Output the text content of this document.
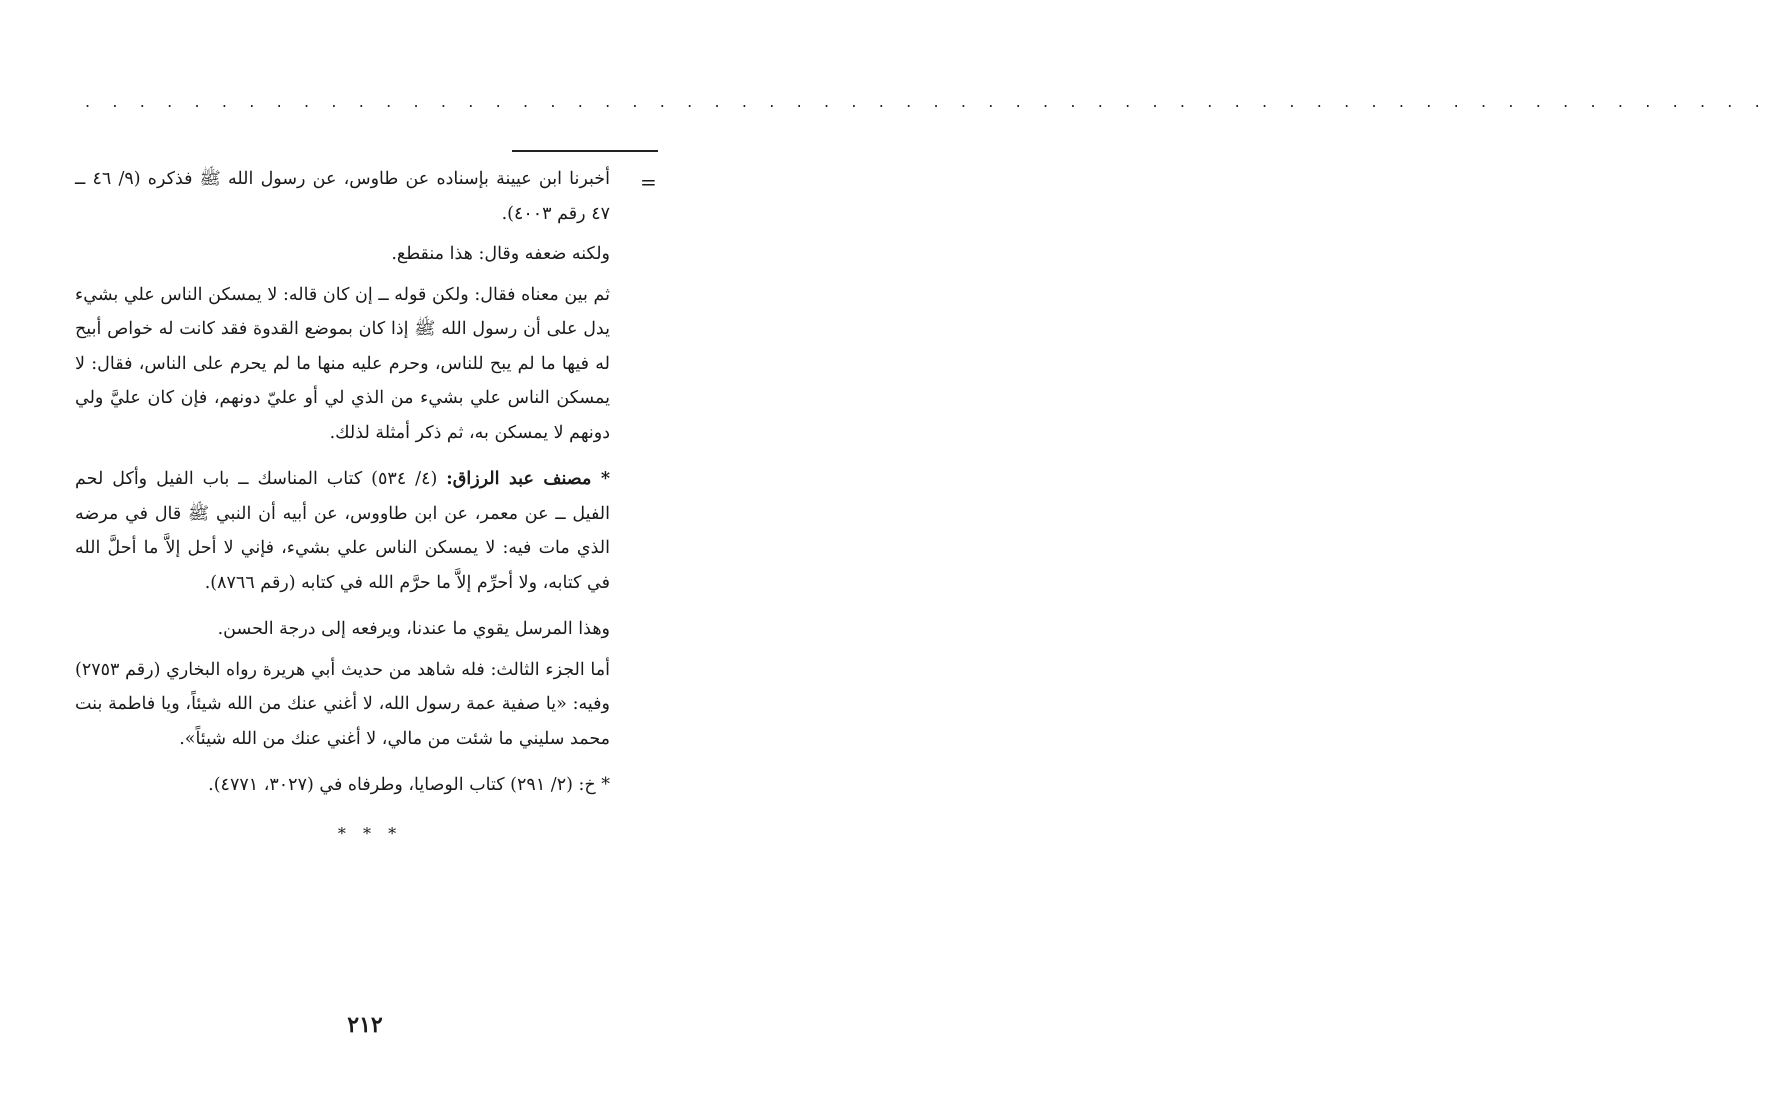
. . . . . . . . . . . . . . . . . . . . . . . . . . . . . . . . . . . . . . . . . . . . . . . . . . . . . . . . . . . . . .
=

أخبرنا ابن عيينة بإسناده عن طاوس، عن رسول الله ﷺ فذكره (٩/ ٤٦ ــ ٤٧ رقم ٤٠٠٣).

ولكنه ضعفه وقال: هذا منقطع.

ثم بين معناه فقال: ولكن قوله ــ إن كان قاله: لا يمسكن الناس علي بشيء يدل على أن رسول الله ﷺ إذا كان بموضع القدوة فقد كانت له خواص أبيح له فيها ما لم يبح للناس، وحرم عليه منها ما لم يحرم على الناس، فقال: لا يمسكن الناس علي بشيء من الذي لي أو عليّ دونهم، فإن كان عليَّ ولي دونهم لا يمسكن به، ثم ذكر أمثلة لذلك.

* مصنف عبد الرزاق: (٤/ ٥٣٤) كتاب المناسك ــ باب الفيل وأكل لحم الفيل ــ عن معمر، عن ابن طاووس، عن أبيه أن النبي ﷺ قال في مرضه الذي مات فيه: لا يمسكن الناس علي بشيء، فإني لا أحل إلاَّ ما أحلَّ الله في كتابه، ولا أحرِّم إلاَّ ما حرَّم الله في كتابه (رقم ٨٧٦٦).

وهذا المرسل يقوي ما عندنا، ويرفعه إلى درجة الحسن.

أما الجزء الثالث: فله شاهد من حديث أبي هريرة رواه البخاري (رقم ٢٧٥٣) وفيه: «يا صفية عمة رسول الله، لا أغني عنك من الله شيئاً، ويا فاطمة بنت محمد سليني ما شئت من مالي، لا أغني عنك من الله شيئاً».

* خ: (٢/ ٢٩١) كتاب الوصايا، وطرفاه في (٣٠٢٧، ٤٧٧١).

* * *
٢١٢
